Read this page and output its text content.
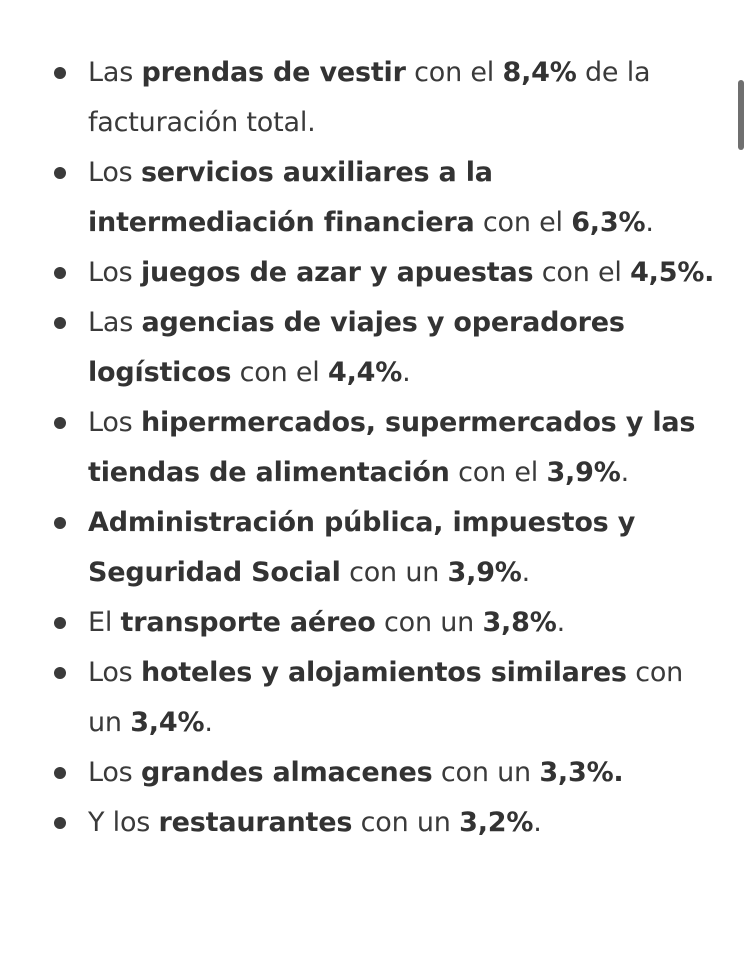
Las prendas de vestir con el 8,4% de la facturación total.
Los servicios auxiliares a la intermediación financiera con el 6,3%.
Los juegos de azar y apuestas con el 4,5%.
Las agencias de viajes y operadores logísticos con el 4,4%.
Los hipermercados, supermercados y las tiendas de alimentación con el 3,9%.
Administración pública, impuestos y Seguridad Social con un 3,9%.
El transporte aéreo con un 3,8%.
Los hoteles y alojamientos similares con un 3,4%.
Los grandes almacenes con un 3,3%.
Y los restaurantes con un 3,2%.
